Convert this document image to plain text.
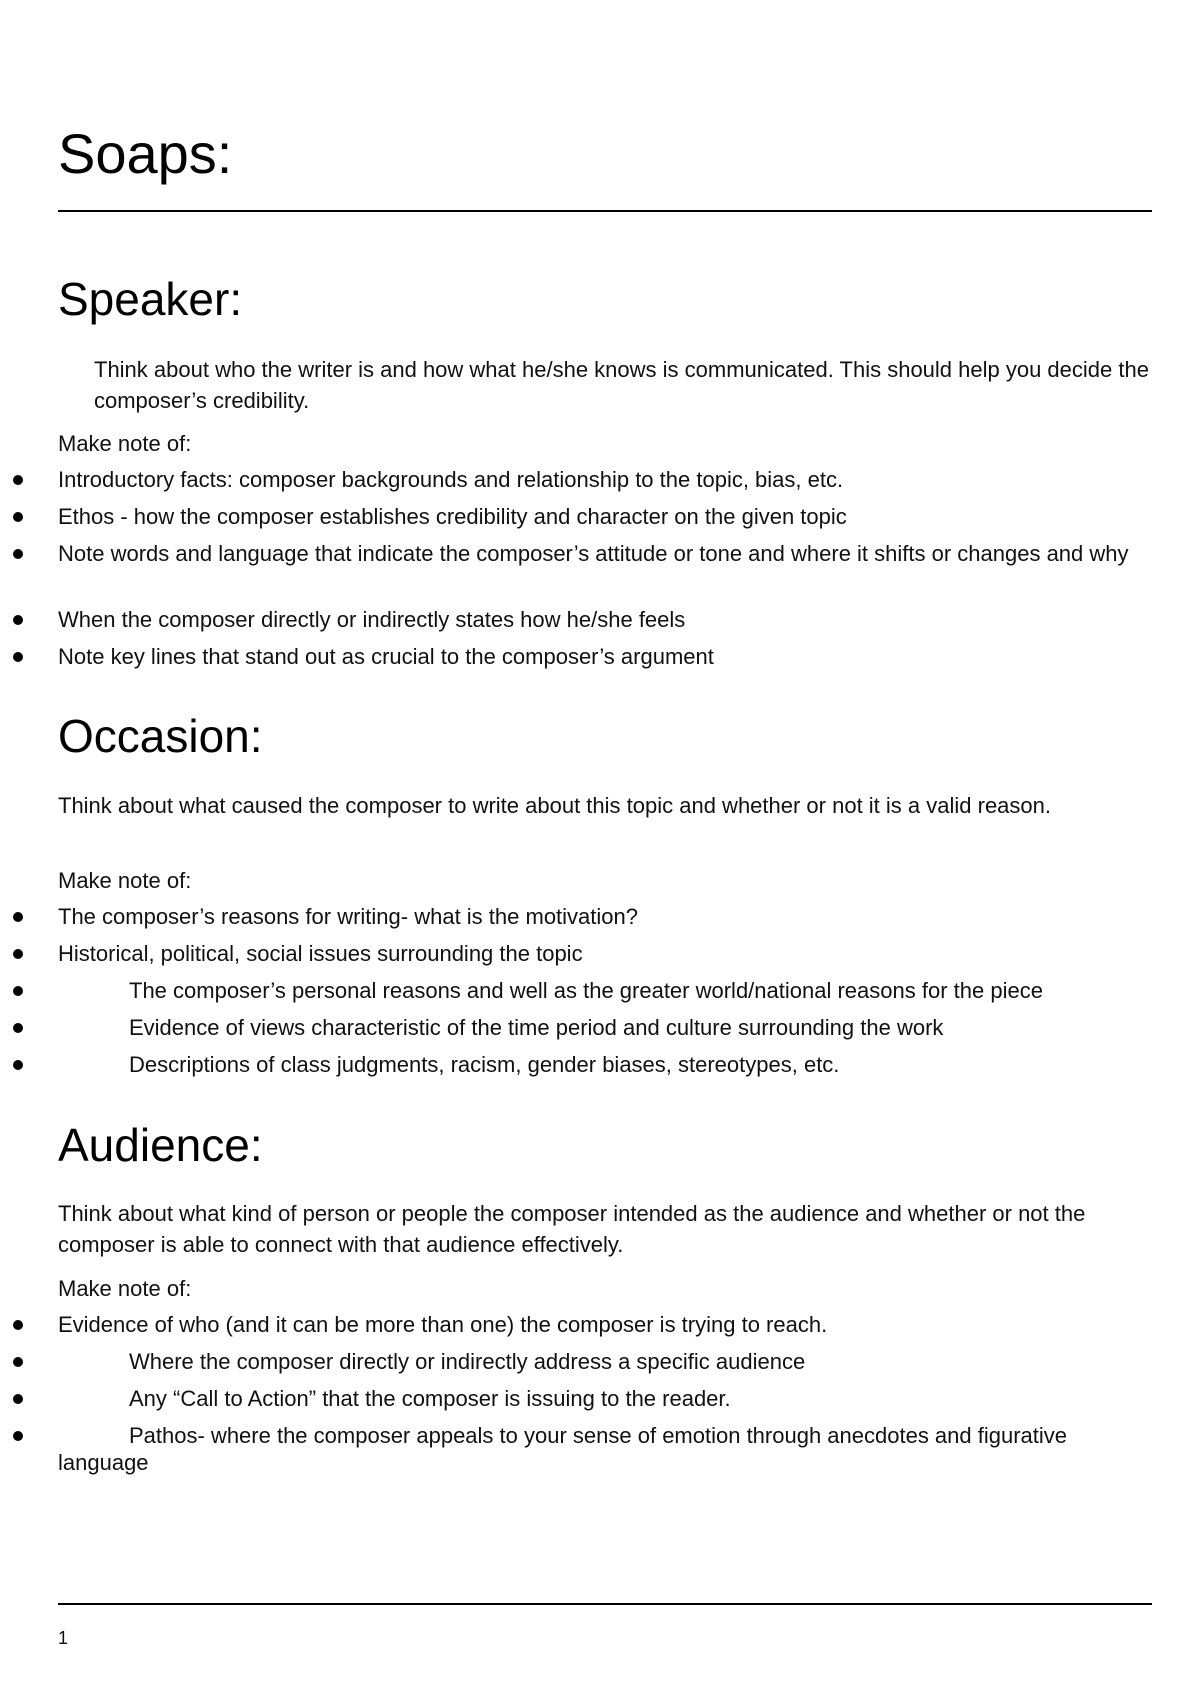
Soaps:
Speaker:

Think about who the writer is and how what he/she knows is communicated. This should help you decide the composer’s credibility.

Make note of:

Introductory facts: composer backgrounds and relationship to the topic, bias, etc.
Ethos - how the composer establishes credibility and character on the given topic
Note words and language that indicate the composer’s attitude or tone and where it shifts or changes and why
When the composer directly or indirectly states how he/she feels
Note key lines that stand out as crucial to the composer’s argument
Occasion:

Think about what caused the composer to write about this topic and whether or not it is a valid reason.

Make note of:

The composer’s reasons for writing- what is the motivation?
Historical, political, social issues surrounding the topic
The composer’s personal reasons and well as the greater world/national reasons for the piece
Evidence of views characteristic of the time period and culture surrounding the work
Descriptions of class judgments, racism, gender biases, stereotypes, etc.
Audience:

Think about what kind of person or people the composer intended as the audience and whether or not the composer is able to connect with that audience effectively.

Make note of:

Evidence of who (and it can be more than one) the composer is trying to reach.
Where the composer directly or indirectly address a specific audience
Any “Call to Action” that the composer is issuing to the reader.
Pathos- where the composer appeals to your sense of emotion through anecdotes and figurative language
1
